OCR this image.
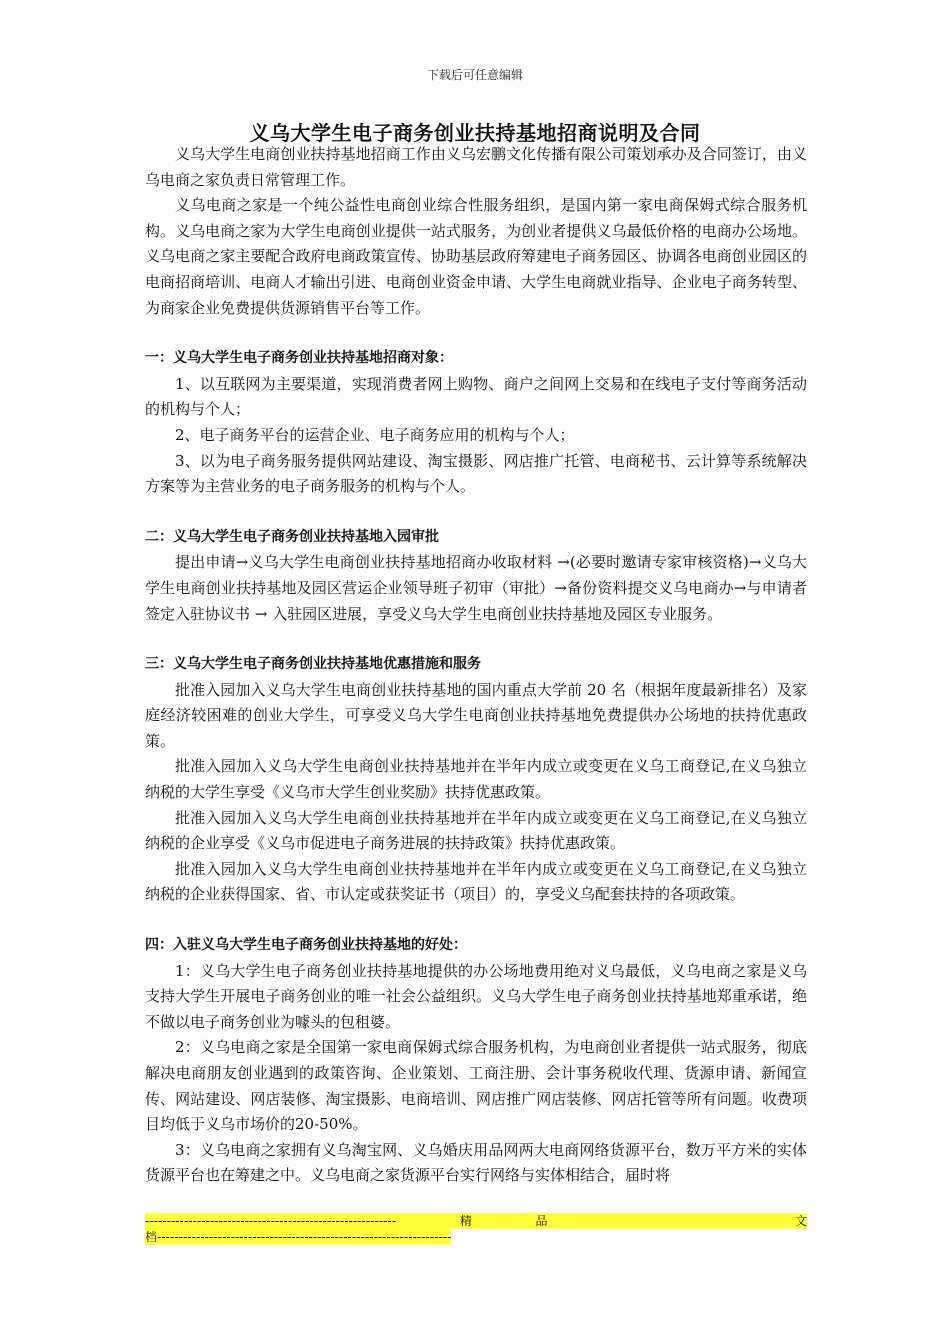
下载后可任意编辑
义乌大学生电子商务创业扶持基地招商说明及合同

义乌大学生电商创业扶持基地招商工作由义乌宏鹏文化传播有限公司策划承办及合同签订，由义乌电商之家负责日常管理工作。

义乌电商之家是一个纯公益性电商创业综合性服务组织，是国内第一家电商保姆式综合服务机构。义乌电商之家为大学生电商创业提供一站式服务，为创业者提供义乌最低价格的电商办公场地。义乌电商之家主要配合政府电商政策宣传、协助基层政府筹建电子商务园区、协调各电商创业园区的电商招商培训、电商人才输出引进、电商创业资金申请、大学生电商就业指导、企业电子商务转型、为商家企业免费提供货源销售平台等工作。

一：义乌大学生电子商务创业扶持基地招商对象：

1、以互联网为主要渠道，实现消费者网上购物、商户之间网上交易和在线电子支付等商务活动的机构与个人；

2、电子商务平台的运营企业、电子商务应用的机构与个人；

3、以为电子商务服务提供网站建设、淘宝摄影、网店推广托管、电商秘书、云计算等系统解决方案等为主营业务的电子商务服务的机构与个人。

二：义乌大学生电子商务创业扶持基地入园审批

提出申请→义乌大学生电商创业扶持基地招商办收取材料 →(必要时邀请专家审核资格)→义乌大学生电商创业扶持基地及园区营运企业领导班子初审（审批）→备份资料提交义乌电商办→与申请者签定入驻协议书 → 入驻园区进展，享受义乌大学生电商创业扶持基地及园区专业服务。

三：义乌大学生电子商务创业扶持基地优惠措施和服务

批准入园加入义乌大学生电商创业扶持基地的国内重点大学前 20 名（根据年度最新排名）及家庭经济较困难的创业大学生，可享受义乌大学生电商创业扶持基地免费提供办公场地的扶持优惠政策。

批准入园加入义乌大学生电商创业扶持基地并在半年内成立或变更在义乌工商登记,在义乌独立纳税的大学生享受《义乌市大学生创业奖励》扶持优惠政策。

批准入园加入义乌大学生电商创业扶持基地并在半年内成立或变更在义乌工商登记,在义乌独立纳税的企业享受《义乌市促进电子商务进展的扶持政策》扶持优惠政策。

批准入园加入义乌大学生电商创业扶持基地并在半年内成立或变更在义乌工商登记,在义乌独立纳税的企业获得国家、省、市认定或获奖证书（项目）的，享受义乌配套扶持的各项政策。

四：入驻义乌大学生电子商务创业扶持基地的好处：

1：义乌大学生电子商务创业扶持基地提供的办公场地费用绝对义乌最低，义乌电商之家是义乌支持大学生开展电子商务创业的唯一社会公益组织。义乌大学生电子商务创业扶持基地郑重承诺，绝不做以电子商务创业为噱头的包租婆。

2：义乌电商之家是全国第一家电商保姆式综合服务机构，为电商创业者提供一站式服务，彻底解决电商朋友创业遇到的政策咨询、企业策划、工商注册、会计事务税收代理、货源申请、新闻宣传、网站建设、网店装修、淘宝摄影、电商培训、网店推广网店装修、网店托管等所有问题。收费项目均低于义乌市场价的20-50%。

3：义乌电商之家拥有义乌淘宝网、义乌婚庆用品网两大电商网络货源平台，数万平方米的实体货源平台也在筹建之中。义乌电商之家货源平台实行网络与实体相结合，届时将

----------------------------------------------------------	精	品	文
档--------------------------------------------------------------------
